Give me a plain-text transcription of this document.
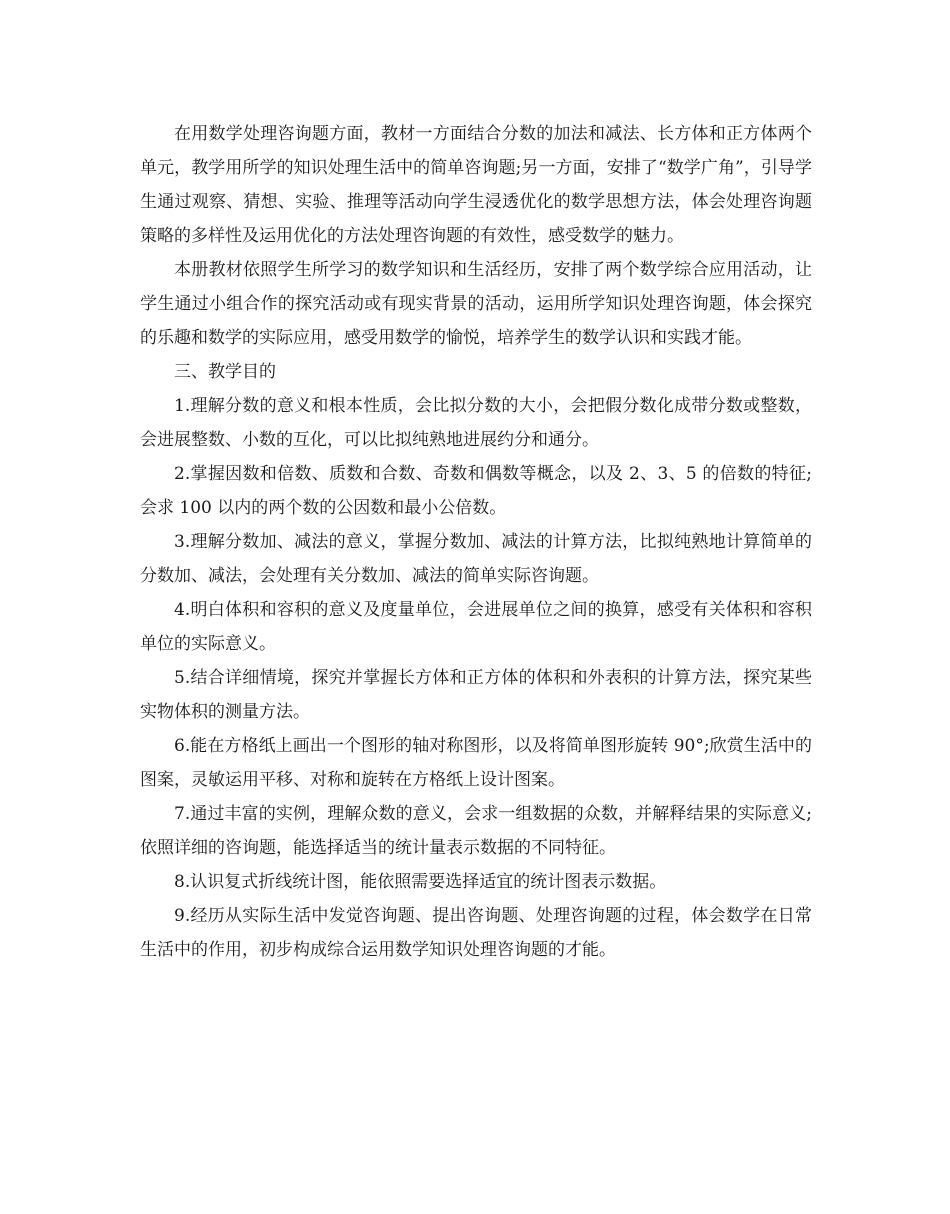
在用数学处理咨询题方面，教材一方面结合分数的加法和减法、长方体和正方体两个单元，教学用所学的知识处理生活中的简单咨询题;另一方面，安排了“数学广角”，引导学生通过观察、猜想、实验、推理等活动向学生浸透优化的数学思想方法，体会处理咨询题策略的多样性及运用优化的方法处理咨询题的有效性，感受数学的魅力。

本册教材依照学生所学习的数学知识和生活经历，安排了两个数学综合应用活动，让学生通过小组合作的探究活动或有现实背景的活动，运用所学知识处理咨询题，体会探究的乐趣和数学的实际应用，感受用数学的愉悦，培养学生的数学认识和实践才能。

三、教学目的

1.理解分数的意义和根本性质，会比拟分数的大小，会把假分数化成带分数或整数，会进展整数、小数的互化，可以比拟纯熟地进展约分和通分。

2.掌握因数和倍数、质数和合数、奇数和偶数等概念，以及 2、3、5 的倍数的特征;会求 100 以内的两个数的公因数和最小公倍数。

3.理解分数加、减法的意义，掌握分数加、减法的计算方法，比拟纯熟地计算简单的分数加、减法，会处理有关分数加、减法的简单实际咨询题。

4.明白体积和容积的意义及度量单位，会进展单位之间的换算，感受有关体积和容积单位的实际意义。

5.结合详细情境，探究并掌握长方体和正方体的体积和外表积的计算方法，探究某些实物体积的测量方法。

6.能在方格纸上画出一个图形的轴对称图形，以及将简单图形旋转 90°;欣赏生活中的图案，灵敏运用平移、对称和旋转在方格纸上设计图案。

7.通过丰富的实例，理解众数的意义，会求一组数据的众数，并解释结果的实际意义;依照详细的咨询题，能选择适当的统计量表示数据的不同特征。

8.认识复式折线统计图，能依照需要选择适宜的统计图表示数据。

9.经历从实际生活中发觉咨询题、提出咨询题、处理咨询题的过程，体会数学在日常生活中的作用，初步构成综合运用数学知识处理咨询题的才能。
